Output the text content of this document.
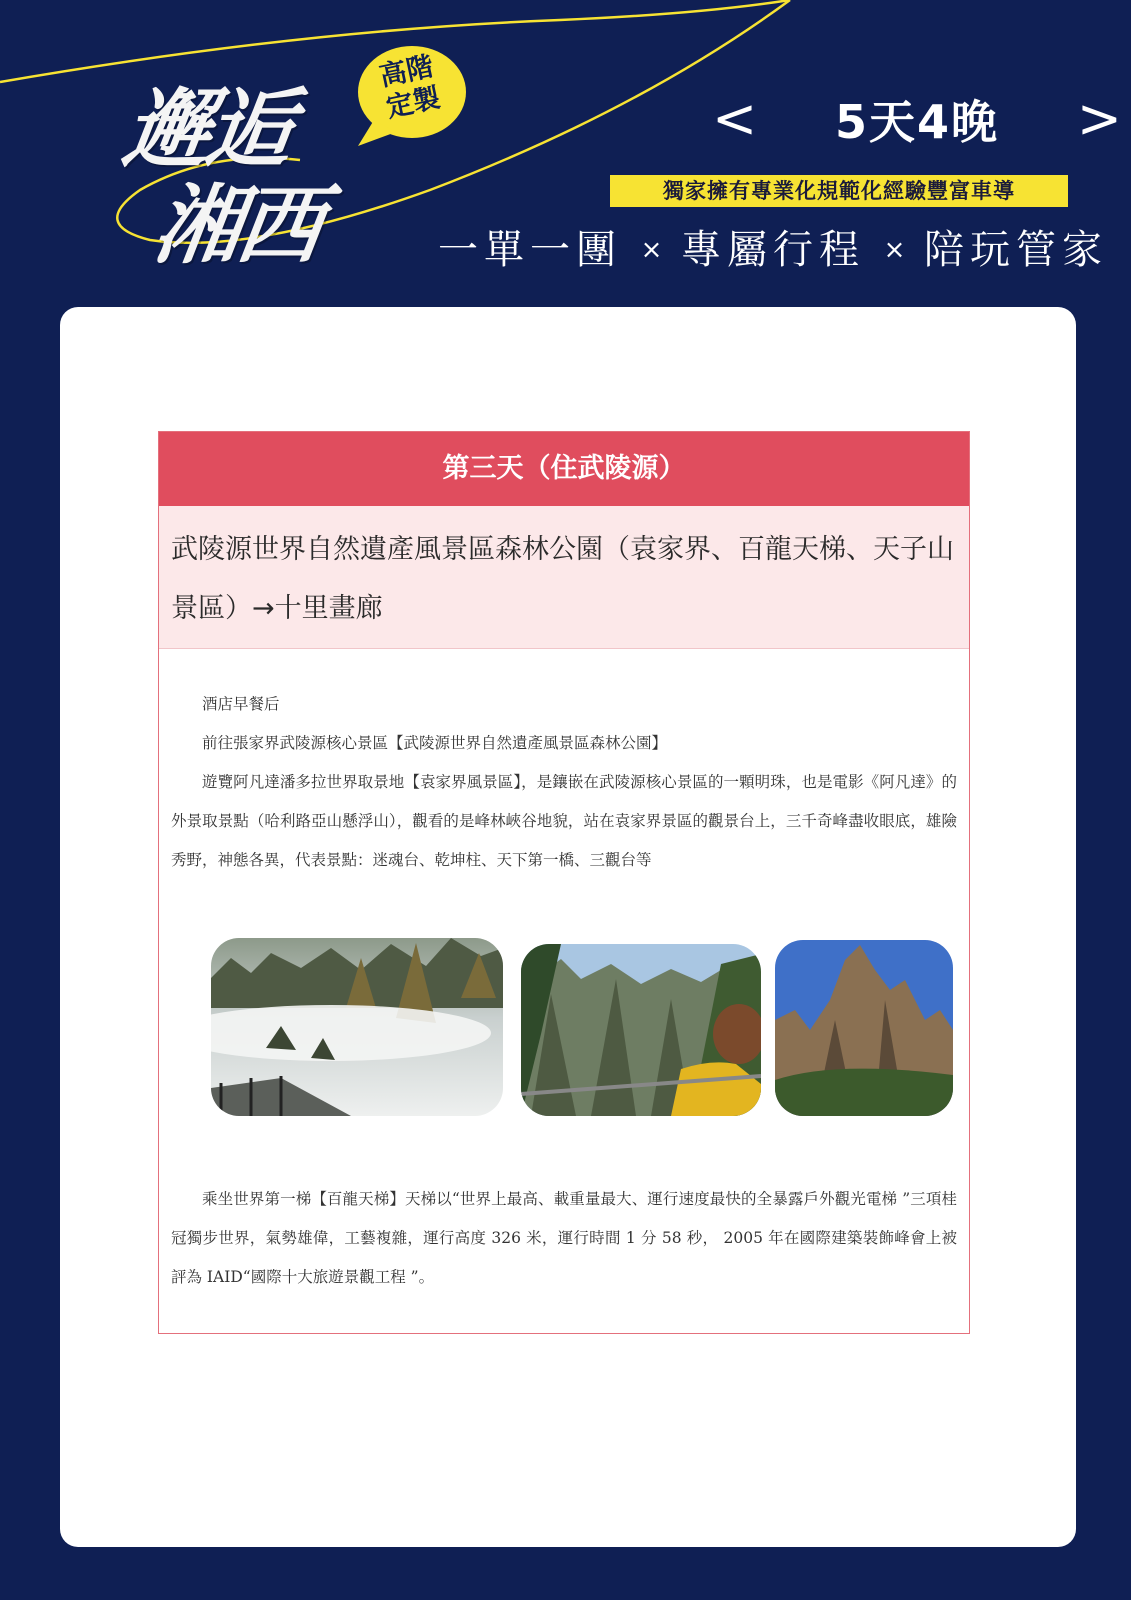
邂逅
湘西
高階
定製	< 5天4晚 >
獨家擁有專業化規範化經驗豐富車導
一單一團 × 專屬行程 × 陪玩管家
第三天（住武陵源）
武陵源世界自然遺產風景區森林公園（袁家界、百龍天梯、天子山景區）→十里畫廊

酒店早餐后

前往張家界武陵源核心景區【武陵源世界自然遺產風景區森林公園】

遊覽阿凡達潘多拉世界取景地【袁家界風景區】，是鑲嵌在武陵源核心景區的一顆明珠，也是電影《阿凡達》的外景取景點（哈利路亞山懸浮山），觀看的是峰林峽谷地貌，站在袁家界景區的觀景台上，三千奇峰盡收眼底，雄險秀野，神態各異，代表景點：迷魂台、乾坤柱、天下第一橋、三觀台等

乘坐世界第一梯【百龍天梯】天梯以“世界上最高、載重量最大、運行速度最快的全暴露戶外觀光電梯 ”三項桂冠獨步世界，氣勢雄偉，工藝複雜，運行高度 326 米，運行時間 1 分 58 秒， 2005 年在國際建築裝飾峰會上被評為 IAID“國際十大旅遊景觀工程 ”。
